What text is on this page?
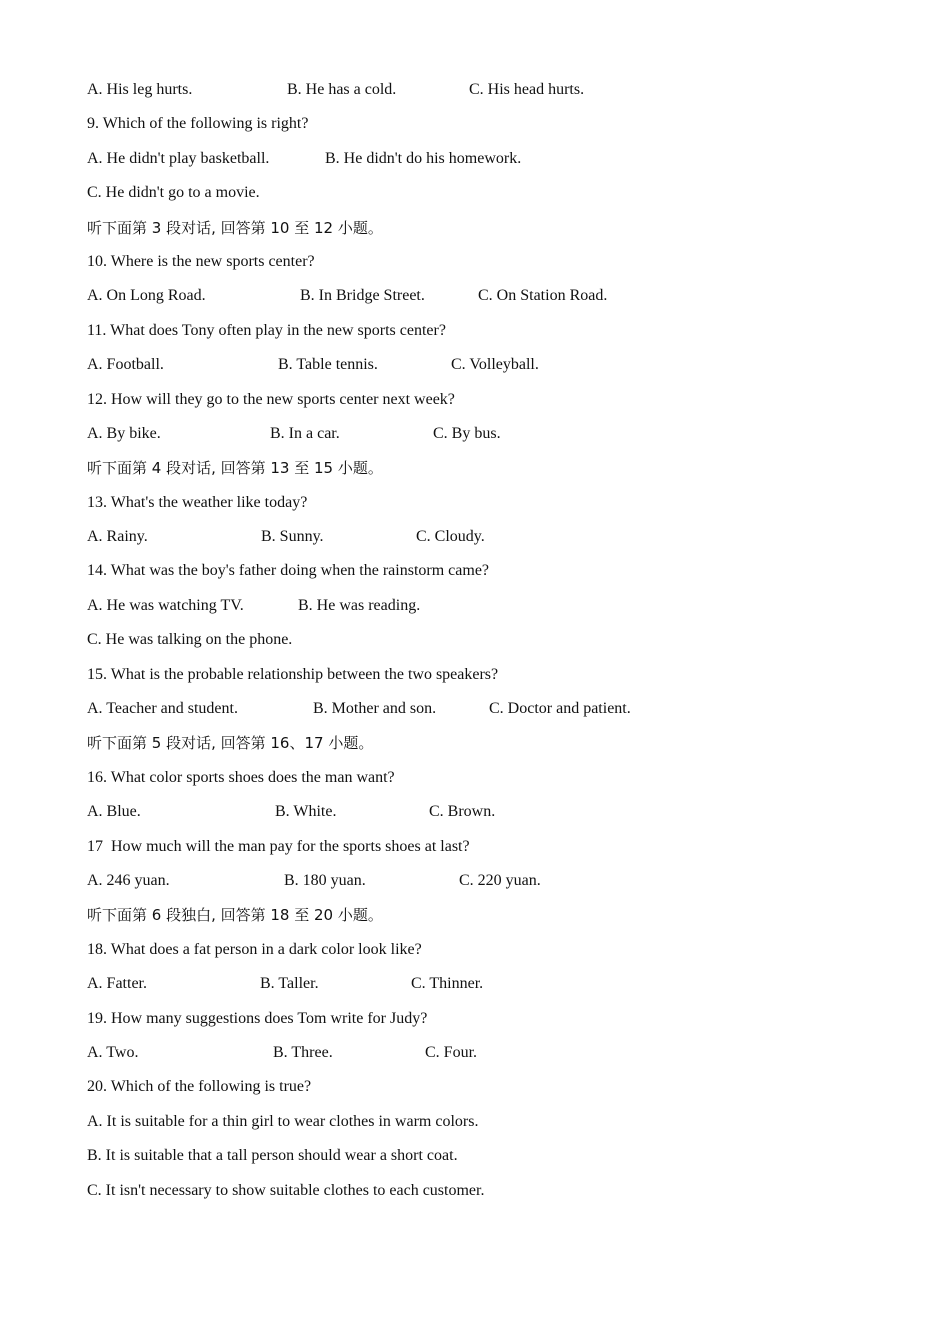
A. His leg hurts.	B. He has a cold.	C. His head hurts.
9. Which of the following is right?
A. He didn't play basketball.	B. He didn't do his homework.
C. He didn't go to a movie.
听下面第 3 段对话, 回答第 10 至 12 小题。
10. Where is the new sports center?
A. On Long Road.	B. In Bridge Street.	C. On Station Road.
11. What does Tony often play in the new sports center?
A. Football.	B. Table tennis.	C. Volleyball.
12. How will they go to the new sports center next week?
A. By bike.	B. In a car.	C. By bus.
听下面第 4 段对话, 回答第 13 至 15 小题。
13. What's the weather like today?
A. Rainy.	B. Sunny.	C. Cloudy.
14. What was the boy's father doing when the rainstorm came?
A. He was watching TV.	B. He was reading.
C. He was talking on the phone.
15. What is the probable relationship between the two speakers?
A. Teacher and student.	B. Mother and son.	C. Doctor and patient.
听下面第 5 段对话, 回答第 16、17 小题。
16. What color sports shoes does the man want?
A. Blue.	B. White.	C. Brown.
17  How much will the man pay for the sports shoes at last?
A. 246 yuan.	B. 180 yuan.	C. 220 yuan.
听下面第 6 段独白, 回答第 18 至 20 小题。
18. What does a fat person in a dark color look like?
A. Fatter.	B. Taller.	C. Thinner.
19. How many suggestions does Tom write for Judy?
A. Two.	B. Three.	C. Four.
20. Which of the following is true?
A. It is suitable for a thin girl to wear clothes in warm colors.
B. It is suitable that a tall person should wear a short coat.
C. It isn't necessary to show suitable clothes to each customer.
